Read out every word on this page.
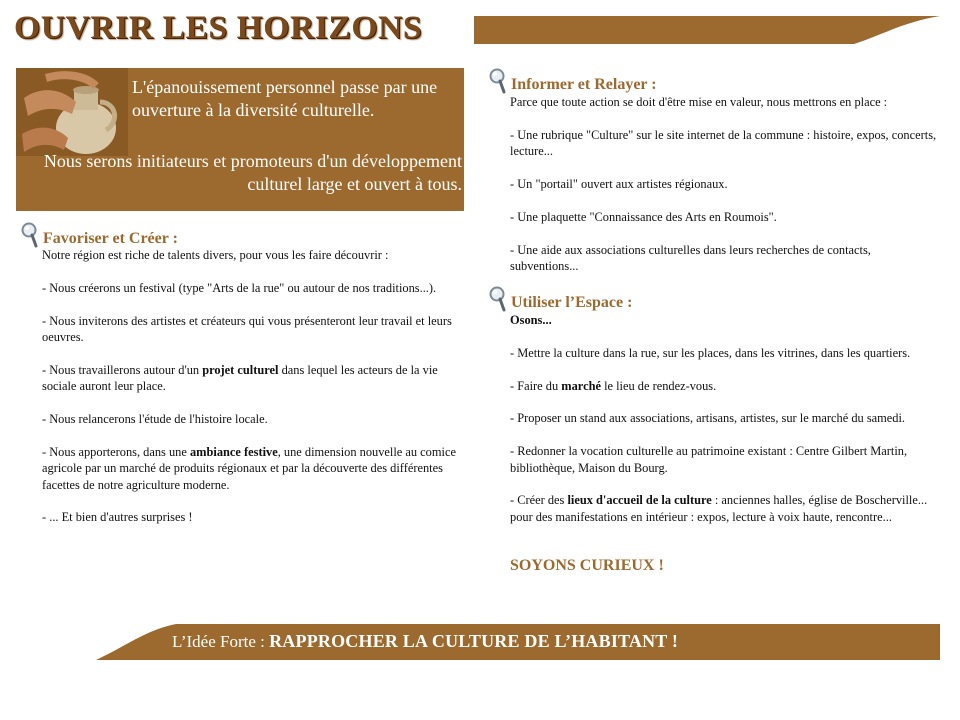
OUVRIR LES HORIZONS

L'épanouissement personnel passe par une ouverture à la diversité culturelle.

Nous serons initiateurs et promoteurs d'un développement culturel large et ouvert à tous.

Favoriser et Créer :

Notre région est riche de talents divers, pour vous les faire découvrir :

- Nous créerons un festival (type "Arts de la rue" ou autour de nos traditions...).

- Nous inviterons des artistes et créateurs qui vous présenteront leur travail et leurs oeuvres.

- Nous travaillerons autour d'un projet culturel dans lequel les acteurs de la vie sociale auront leur place.

- Nous relancerons l'étude de l'histoire locale.

- Nous apporterons, dans une ambiance festive, une dimension nouvelle au comice agricole par un marché de produits régionaux et par la découverte des différentes facettes de notre agriculture moderne.

- ... Et bien d'autres surprises !

Informer et Relayer :

Parce que toute action se doit d'être mise en valeur, nous mettrons en place :

- Une rubrique "Culture" sur le site internet de la commune : histoire, expos, concerts, lecture...

- Un "portail" ouvert aux artistes régionaux.

- Une plaquette "Connaissance des Arts en Roumois".

- Une aide aux associations culturelles dans leurs recherches de contacts, subventions...

Utiliser l’Espace :

Osons...

- Mettre la culture dans la rue, sur les places, dans les vitrines, dans les quartiers.

- Faire du marché le lieu de rendez-vous.

- Proposer un stand aux associations, artisans, artistes, sur le marché du samedi.

- Redonner la vocation culturelle au patrimoine existant : Centre Gilbert Martin, bibliothèque, Maison du Bourg.

- Créer des lieux d'accueil de la culture : anciennes halles, église de Boscherville... pour des manifestations en intérieur : expos, lecture à voix haute, rencontre...

SOYONS CURIEUX !
L’Idée Forte : RAPPROCHER LA CULTURE DE L’HABITANT !
